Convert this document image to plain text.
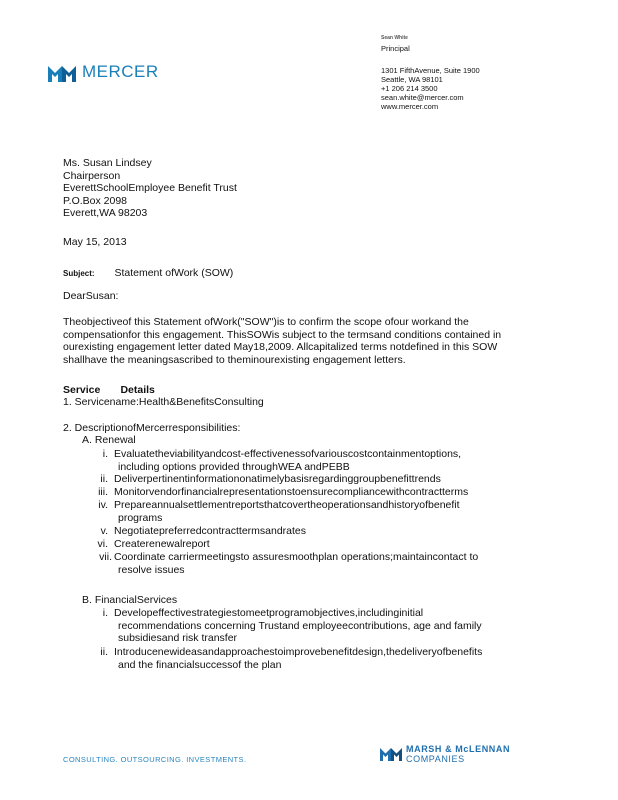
MERCER
Sean White
Principal
1301 FifthAvenue, Suite 1900
Seattle, WA 98101
+1 206 214 3500
sean.white@mercer.com
www.mercer.com
Ms. Susan Lindsey
Chairperson
EverettSchoolEmployee Benefit Trust
P.O.Box 2098
Everett,WA 98203
May 15, 2013
Subject: Statement ofWork (SOW)
DearSusan:
Theobjectiveof this Statement ofWork("SOW")is to confirm the scope ofour workand the
compensationfor this engagement. ThisSOWis subject to the termsand conditions contained in
ourexisting engagement letter dated May18,2009. Allcapitalized terms notdefined in this SOW
shallhave the meaningsascribed to theminourexisting engagement letters.
Service Details
1. Servicename:Health&BenefitsConsulting
2. DescriptionofMercerresponsibilities:
A. Renewal
i. Evaluatetheviabilityandcost-effectivenessofvariouscostcontainmentoptions,
including options provided throughWEA andPEBB
ii. Deliverpertinentinformationonatimelybasisregardinggroupbenefittrends
iii. Monitorvendorfinancialrepresentationstoensurecompliancewithcontractterms
iv. Prepareannualsettlementreportsthatcovertheoperationsandhistoryofbenefit
programs
v. Negotiatepreferredcontracttermsandrates
vi. Createrenewalreport
vii. Coordinate carriermeetingsto assuresmoothplan operations;maintaincontact to
resolve issues
B. FinancialServices
i. Developeffectivestrategiestomeetprogramobjectives,includinginitial
recommendations concerning Trustand employeecontributions, age and family
subsidiesand risk transfer
ii. Introducenewideasandapproachestoimprovebenefitdesign,thedeliveryofbenefits
and the financialsuccessof the plan
CONSULTING. OUTSOURCING. INVESTMENTS.
MARSH & McLENNAN
COMPANIES
